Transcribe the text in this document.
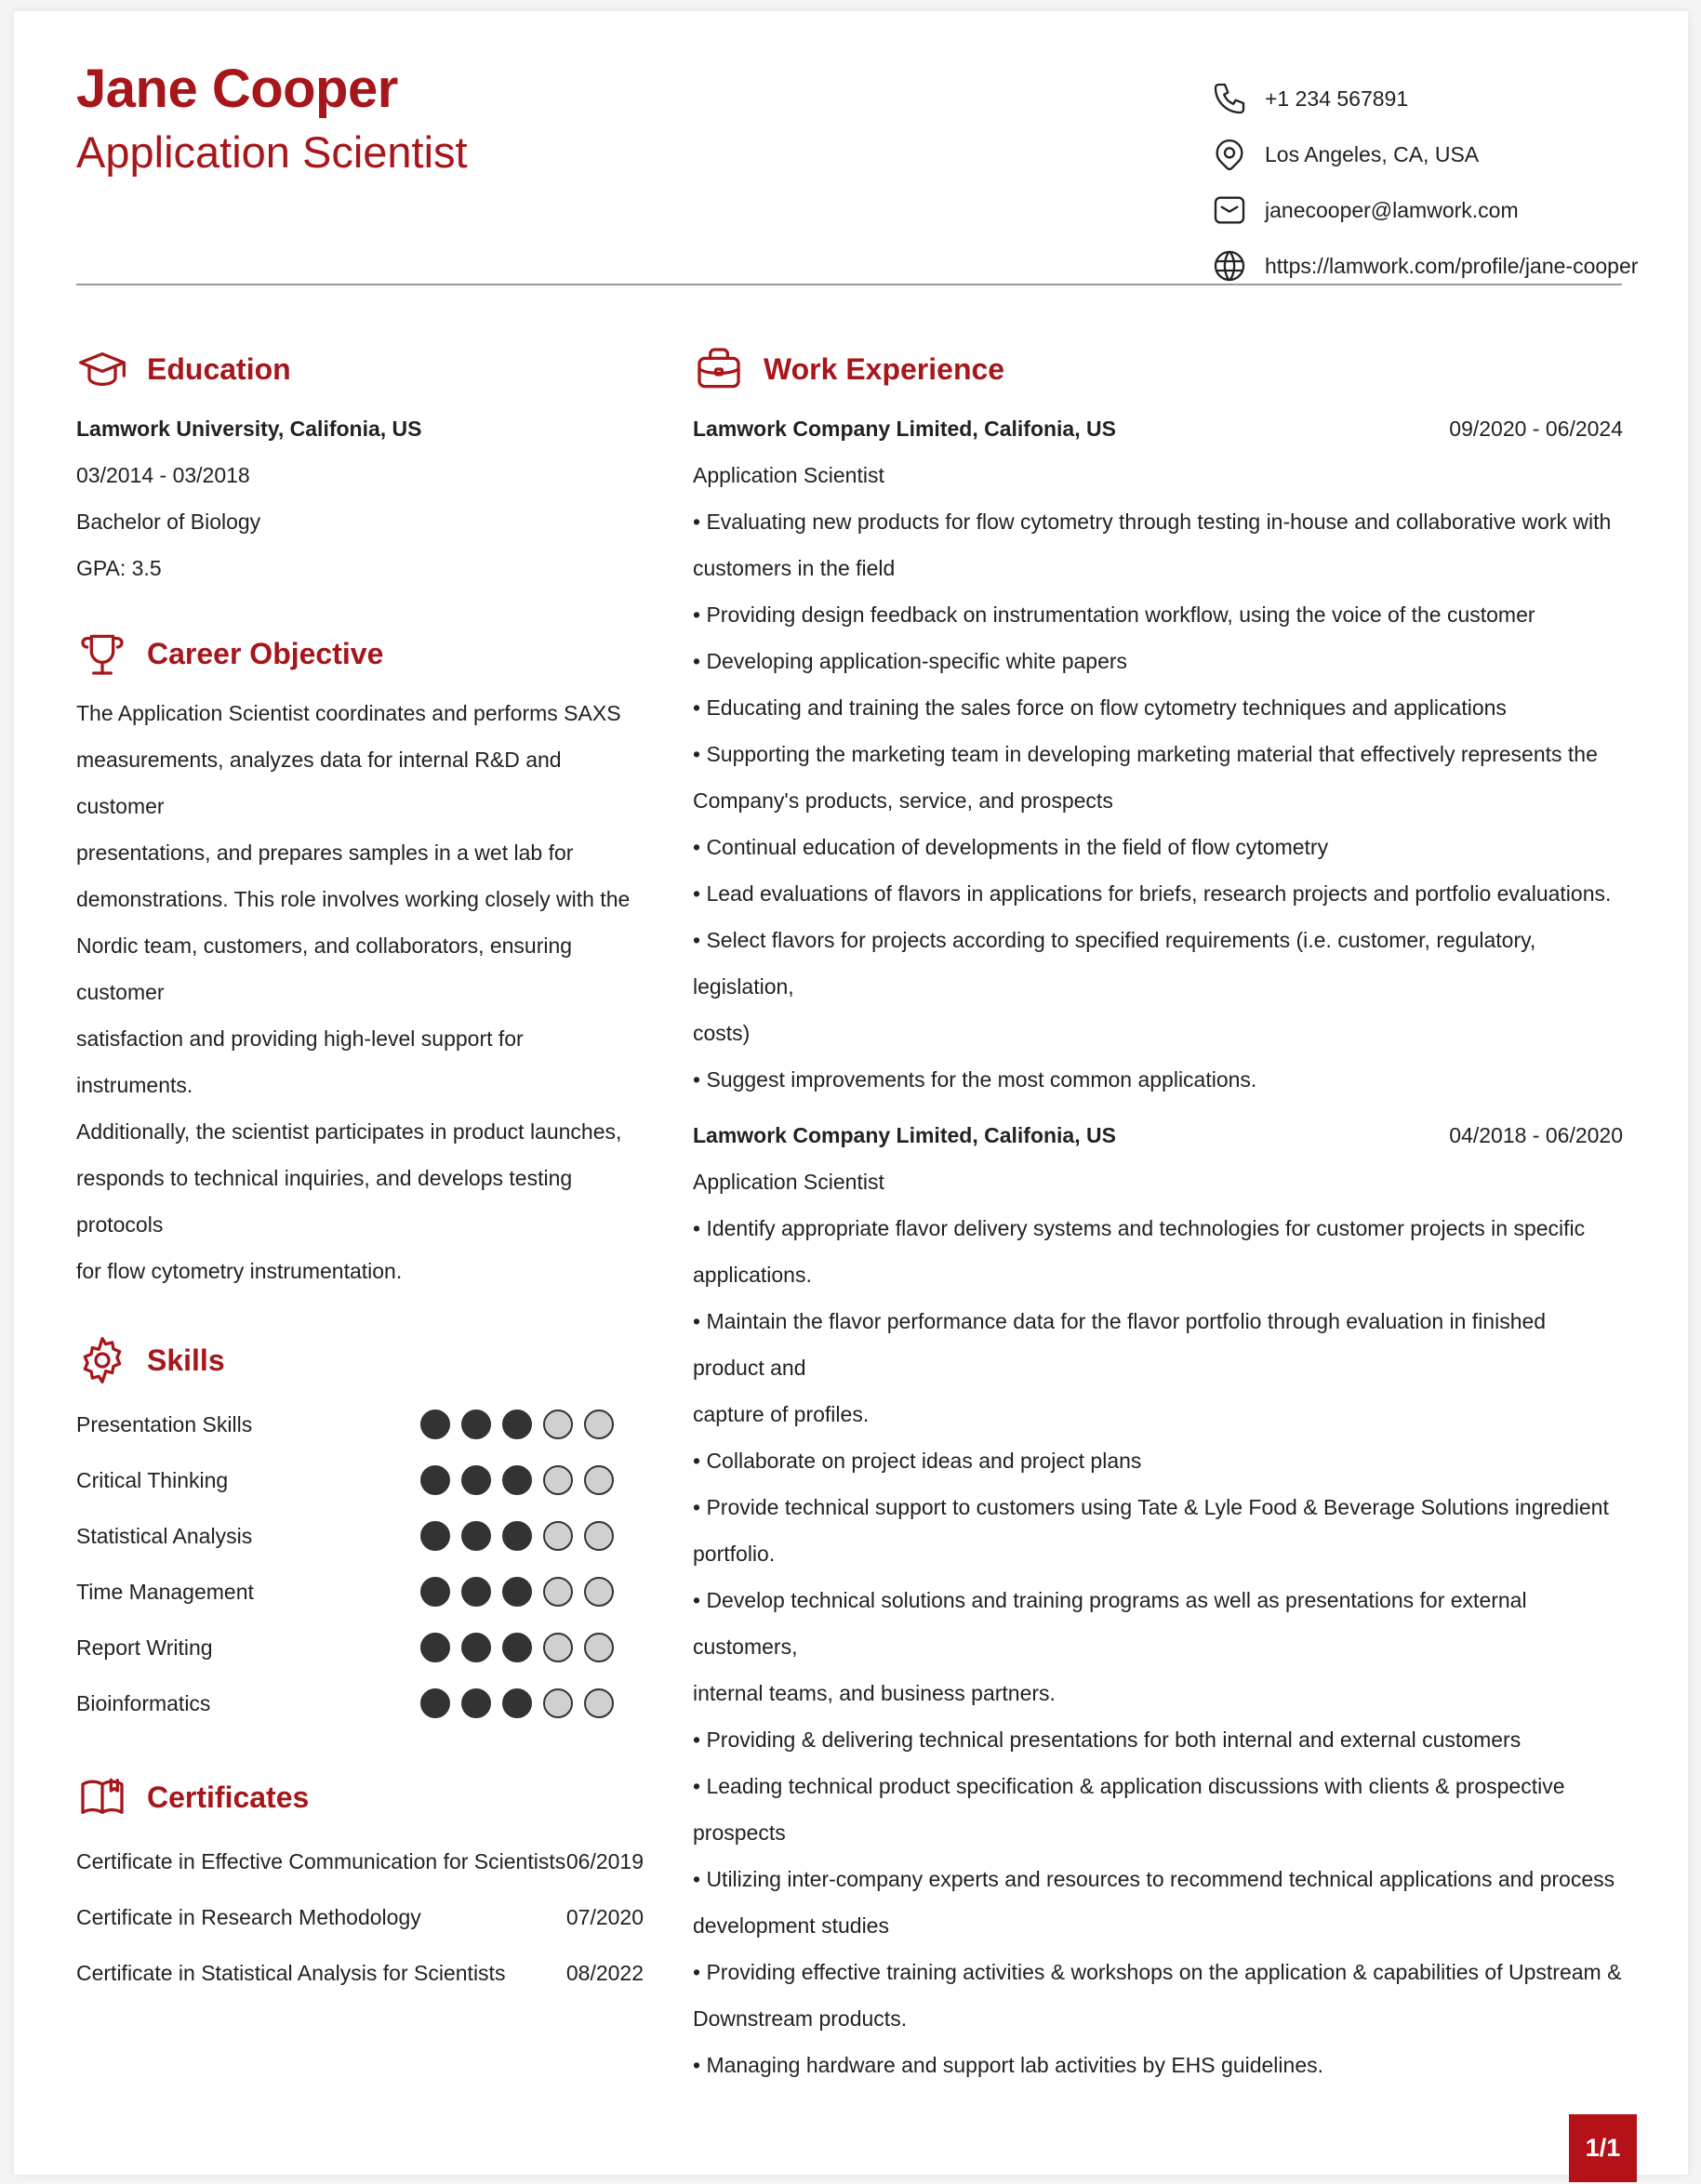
Jane Cooper
Application Scientist
+1 234 567891
Los Angeles, CA, USA
janecooper@lamwork.com
https://lamwork.com/profile/jane-cooper
Education
Lamwork University, Califonia, US
03/2014 - 03/2018
Bachelor of Biology
GPA: 3.5
Career Objective
The Application Scientist coordinates and performs SAXS
measurements, analyzes data for internal R&D and customer
presentations, and prepares samples in a wet lab for
demonstrations. This role involves working closely with the
Nordic team, customers, and collaborators, ensuring customer
satisfaction and providing high-level support for instruments.
Additionally, the scientist participates in product launches,
responds to technical inquiries, and develops testing protocols
for flow cytometry instrumentation.
Skills
Presentation Skills
Critical Thinking
Statistical Analysis
Time Management
Report Writing
Bioinformatics
Certificates
Certificate in Effective Communication for Scientists 06/2019
Certificate in Research Methodology	07/2020
Certificate in Statistical Analysis for Scientists	08/2022
Work Experience
Lamwork Company Limited, Califonia, US	09/2020 - 06/2024
Application Scientist
• Evaluating new products for flow cytometry through testing in-house and collaborative work with
customers in the field
• Providing design feedback on instrumentation workflow, using the voice of the customer
• Developing application-specific white papers
• Educating and training the sales force on flow cytometry techniques and applications
• Supporting the marketing team in developing marketing material that effectively represents the
Company's products, service, and prospects
• Continual education of developments in the field of flow cytometry
• Lead evaluations of flavors in applications for briefs, research projects and portfolio evaluations.
• Select flavors for projects according to specified requirements (i.e. customer, regulatory, legislation,
costs)
• Suggest improvements for the most common applications.
Lamwork Company Limited, Califonia, US	04/2018 - 06/2020
Application Scientist
• Identify appropriate flavor delivery systems and technologies for customer projects in specific
applications.
• Maintain the flavor performance data for the flavor portfolio through evaluation in finished product and
capture of profiles.
• Collaborate on project ideas and project plans
• Provide technical support to customers using Tate & Lyle Food & Beverage Solutions ingredient
portfolio.
• Develop technical solutions and training programs as well as presentations for external customers,
internal teams, and business partners.
• Providing & delivering technical presentations for both internal and external customers
• Leading technical product specification & application discussions with clients & prospective prospects
• Utilizing inter-company experts and resources to recommend technical applications and process
development studies
• Providing effective training activities & workshops on the application & capabilities of Upstream &
Downstream products.
• Managing hardware and support lab activities by EHS guidelines.
1/1
